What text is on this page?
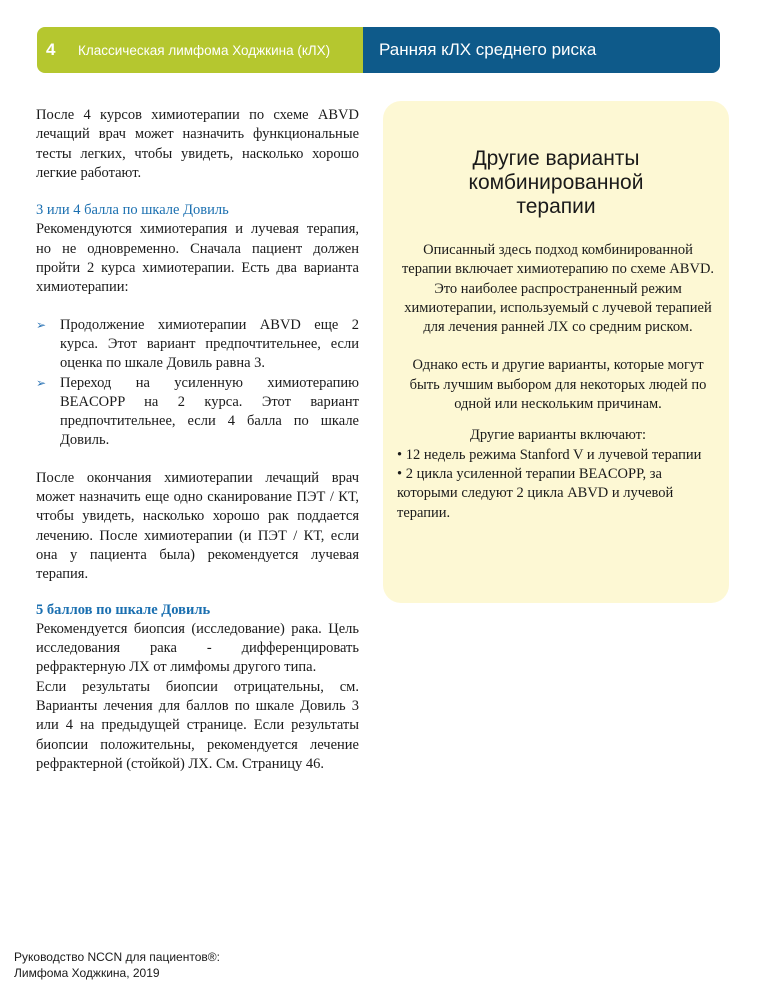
4	Классическая лимфома Ходжкина (кЛХ)	Ранняя кЛХ среднего риска

После 4 курсов химиотерапии по схеме ABVD лечащий врач может назначить функциональные тесты легких, чтобы увидеть, насколько хорошо легкие работают.

3 или 4 балла по шкале Довиль

Рекомендуются химиотерапия и лучевая терапия, но не одновременно. Сначала пациент должен пройти 2 курса химиотерапии. Есть два варианта химиотерапии:

➢ Продолжение химиотерапии ABVD еще 2 курса. Этот вариант предпочтительнее, если оценка по шкале Довиль равна 3.
➢ Переход на усиленную химиотерапию BEACOPP на 2 курса. Этот вариант предпочтительнее, если 4 балла по шкале Довиль.

После окончания химиотерапии лечащий врач может назначить еще одно сканирование ПЭТ / КТ, чтобы увидеть, насколько хорошо рак поддается лечению. После химиотерапии (и ПЭТ / КТ, если она у пациента была) рекомендуется лучевая терапия.

5 баллов по шкале Довиль

Рекомендуется биопсия (исследование) рака. Цель исследования рака - дифференцировать рефрактерную ЛХ от лимфомы другого типа.

Если результаты биопсии отрицательны, см. Варианты лечения для баллов по шкале Довиль 3 или 4 на предыдущей странице. Если результаты биопсии положительны, рекомендуется лечение рефрактерной (стойкой) ЛХ. См. Страницу 46.

Другие варианты
комбинированной
терапии

Описанный здесь подход комбинированной терапии включает химиотерапию по схеме ABVD. Это наиболее распространенный режим химиотерапии, используемый с лучевой терапией для лечения ранней ЛХ со средним риском.

Однако есть и другие варианты, которые могут быть лучшим выбором для некоторых людей по одной или нескольким причинам.

Другие варианты включают:

• 12 недель режима Stanford V и лучевой терапии

• 2 цикла усиленной терапии BEACOPP, за которыми следуют 2 цикла ABVD и лучевой терапии.

Руководство NCCN для пациентов®:
Лимфома Ходжкина, 2019
